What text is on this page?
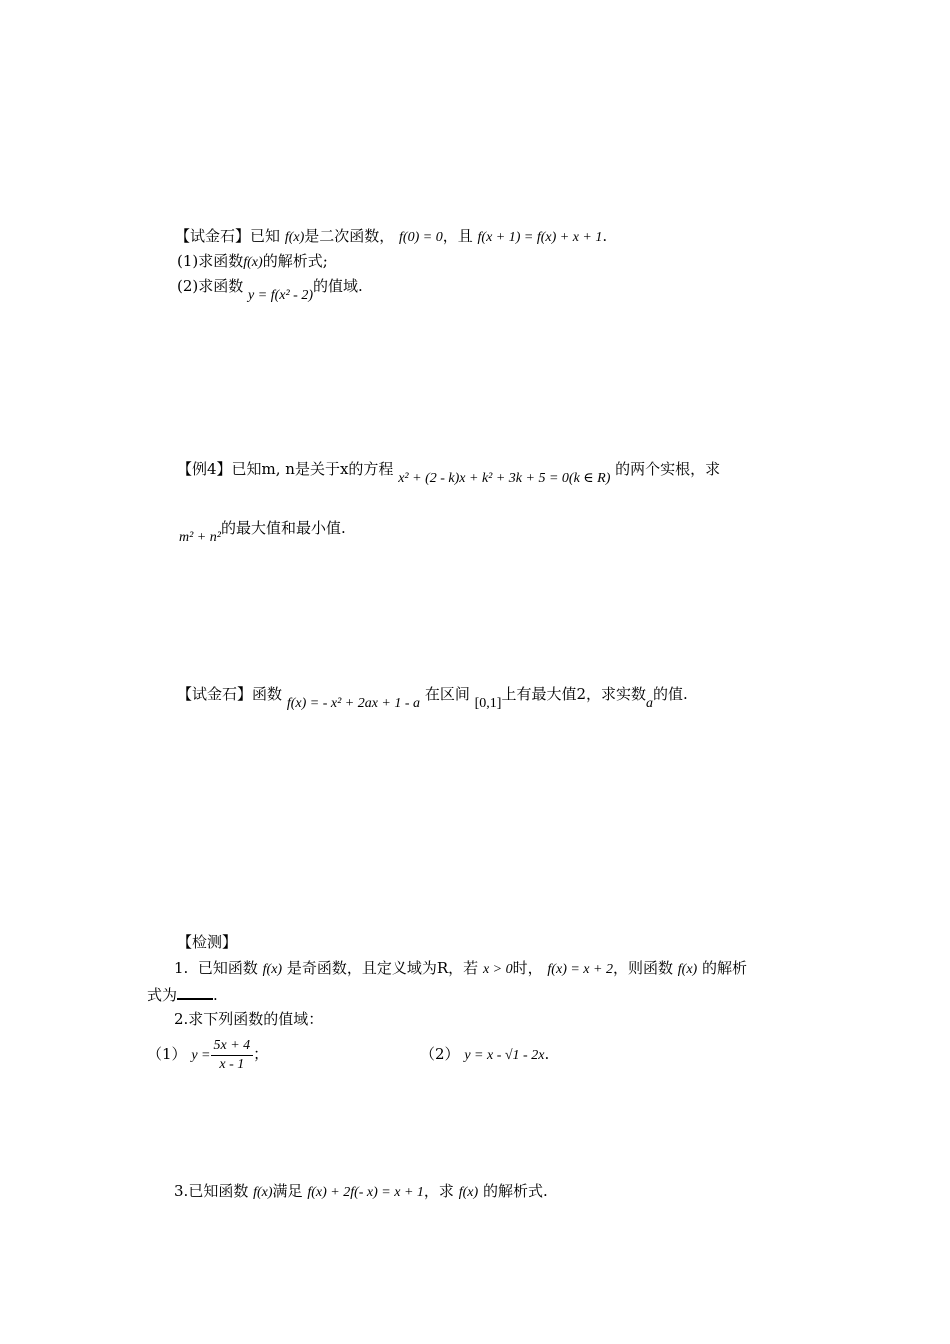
【试金石】已知 f(x)是二次函数， f(0) = 0，且 f(x + 1) = f(x) + x + 1.
(1)求函数f(x)的解析式;
(2)求函数 y = f(x² - 2)的值域.
【例4】已知m, n是关于x的方程 x² + (2 - k)x + k² + 3k + 5 = 0(k ∈ R) 的两个实根，求
m² + n²的最大值和最小值.
【试金石】函数 f(x) = - x² + 2ax + 1 - a 在区间 [0,1]上有最大值2，求实数a的值.
【检测】
1. 已知函数 f(x) 是奇函数，且定义域为R，若 x > 0时， f(x) = x + 2，则函数 f(x) 的解析
式为 .
2.求下列函数的值域：
（1） $y = \frac{5x + 4}{x - 1}$ ；	（2） y = x - √1 - 2x.
3.已知函数 f(x)满足 f(x) + 2f(- x) = x + 1，求 f(x) 的解析式.
